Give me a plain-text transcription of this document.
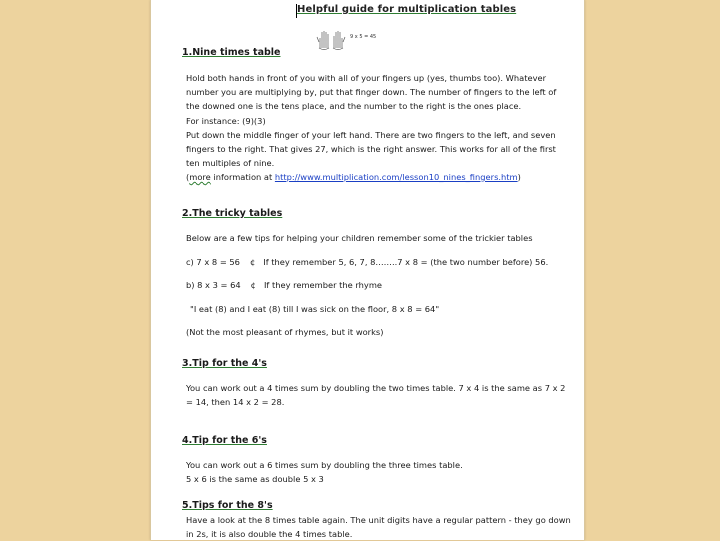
Helpful guide for multiplication tables
9 x 5 = 45
1.Nine times table
Hold both hands in front of you with all of your fingers up (yes, thumbs too). Whatever
number you are multiplying by, put that finger down. The number of fingers to the left of
the downed one is the tens place, and the number to the right is the ones place.
For instance: (9)(3)
Put down the middle finger of your left hand. There are two fingers to the left, and seven
fingers to the right. That gives 27, which is the right answer. This works for all of the first
ten multiples of nine.
(more information at http://www.multiplication.com/lesson10_nines_fingers.htm)
2.The tricky tables
Below are a few tips for helping your children remember some of the trickier tables
c) 7 x 8 = 56 ¢ If they remember 5, 6, 7, 8……..7 x 8 = (the two number before) 56.
b) 8 x 3 = 64 ¢ If they remember the rhyme
"I eat (8) and I eat (8) till I was sick on the floor, 8 x 8 = 64"
(Not the most pleasant of rhymes, but it works)
3.Tip for the 4's
You can work out a 4 times sum by doubling the two times table. 7 x 4 is the same as 7 x 2
= 14, then 14 x 2 = 28.
4.Tip for the 6's
You can work out a 6 times sum by doubling the three times table.
5 x 6 is the same as double 5 x 3
5.Tips for the 8's
Have a look at the 8 times table again. The unit digits have a regular pattern - they go down
in 2s, it is also double the 4 times table.
